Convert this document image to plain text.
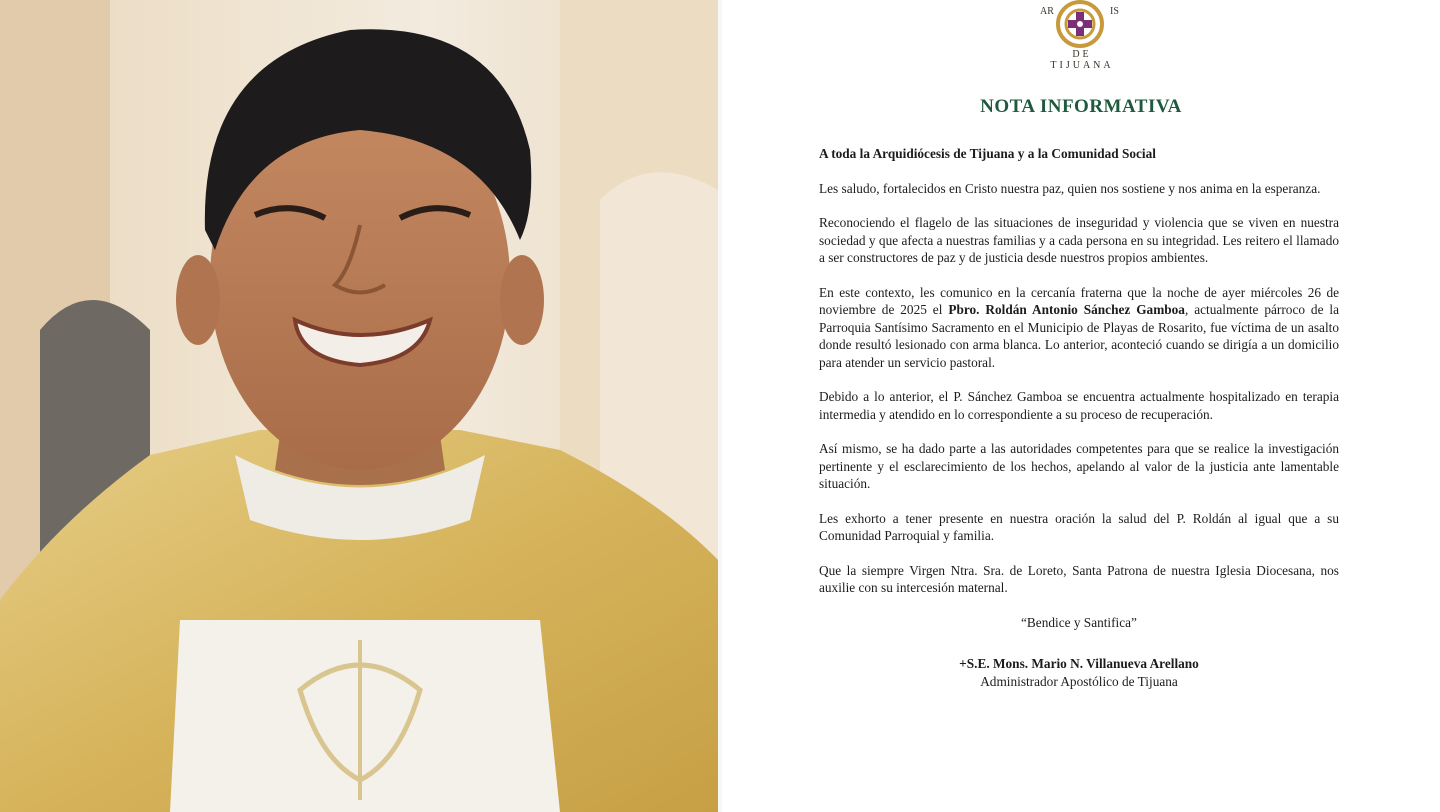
AR	IS
DE TIJUANA
NOTA INFORMATIVA

A toda la Arquidiócesis de Tijuana y a la Comunidad Social

Les saludo, fortalecidos en Cristo nuestra paz, quien nos sostiene y nos anima en la esperanza.

Reconociendo el flagelo de las situaciones de inseguridad y violencia que se viven en nuestra sociedad y que afecta a nuestras familias y a cada persona en su integridad. Les reitero el llamado a ser constructores de paz y de justicia desde nuestros propios ambientes.

En este contexto, les comunico en la cercanía fraterna que la noche de ayer miércoles 26 de noviembre de 2025 el Pbro. Roldán Antonio Sánchez Gamboa, actualmente párroco de la Parroquia Santísimo Sacramento en el Municipio de Playas de Rosarito, fue víctima de un asalto donde resultó lesionado con arma blanca. Lo anterior, aconteció cuando se dirigía a un domicilio para atender un servicio pastoral.

Debido a lo anterior, el P. Sánchez Gamboa se encuentra actualmente hospitalizado en terapia intermedia y atendido en lo correspondiente a su proceso de recuperación.

Así mismo, se ha dado parte a las autoridades competentes para que se realice la investigación pertinente y el esclarecimiento de los hechos, apelando al valor de la justicia ante lamentable situación.

Les exhorto a tener presente en nuestra oración la salud del P. Roldán al igual que a su Comunidad Parroquial y familia.

Que la siempre Virgen Ntra. Sra. de Loreto, Santa Patrona de nuestra Iglesia Diocesana, nos auxilie con su intercesión maternal.

“Bendice y Santifica”

+S.E. Mons. Mario N. Villanueva Arellano
Administrador Apostólico de Tijuana
